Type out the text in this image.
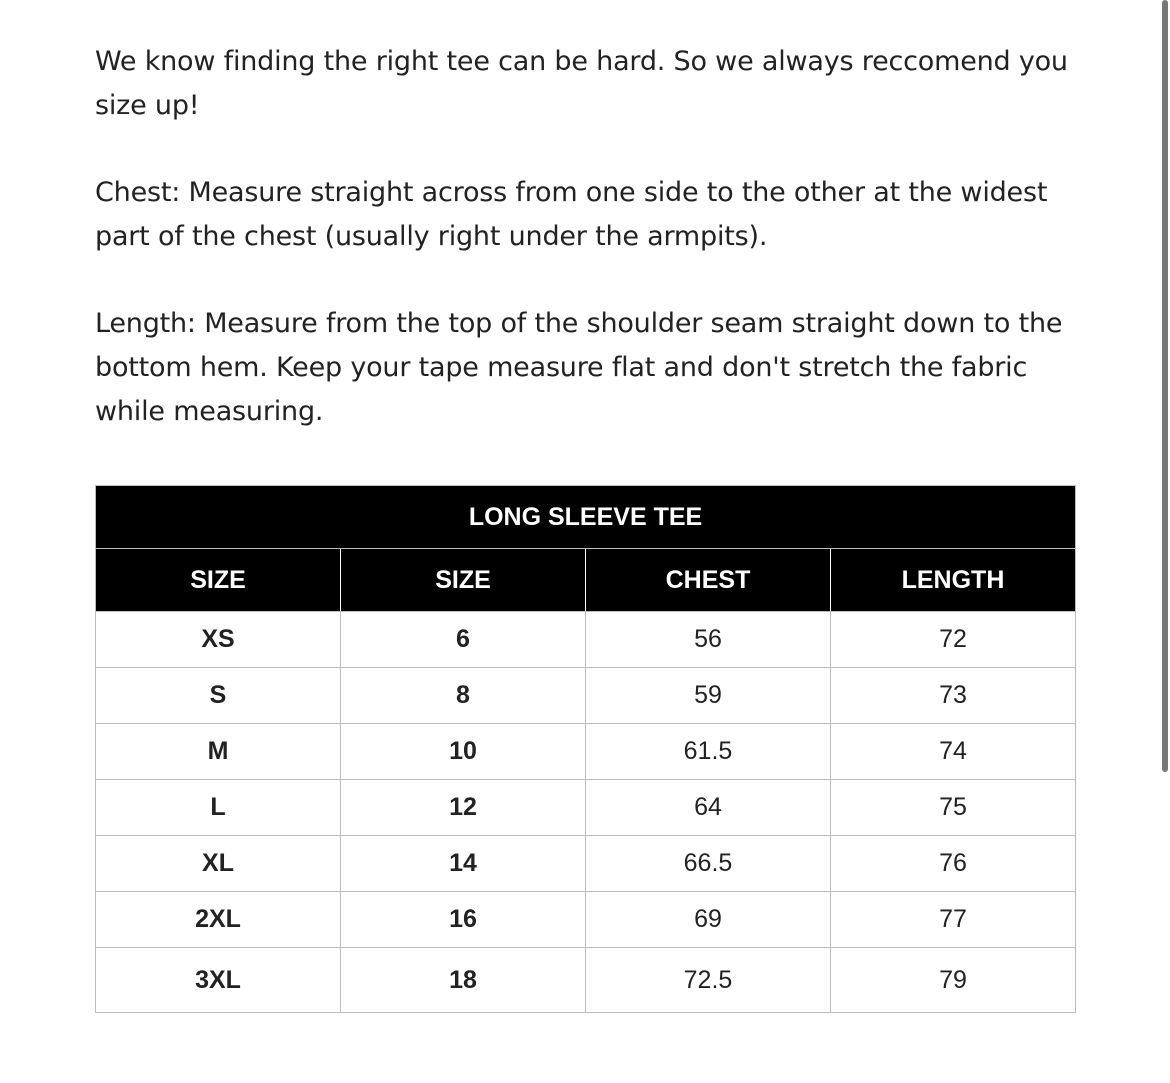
We know finding the right tee can be hard. So we always reccomend you size up!

Chest: Measure straight across from one side to the other at the widest part of the chest (usually right under the armpits).

Length: Measure from the top of the shoulder seam straight down to the bottom hem. Keep your tape measure flat and don't stretch the fabric while measuring.

LONG SLEEVE TEE			
SIZE	SIZE	CHEST	LENGTH
XS	6	56	72
S	8	59	73
M	10	61.5	74
L	12	64	75
XL	14	66.5	76
2XL	16	69	77
3XL	18	72.5	79
